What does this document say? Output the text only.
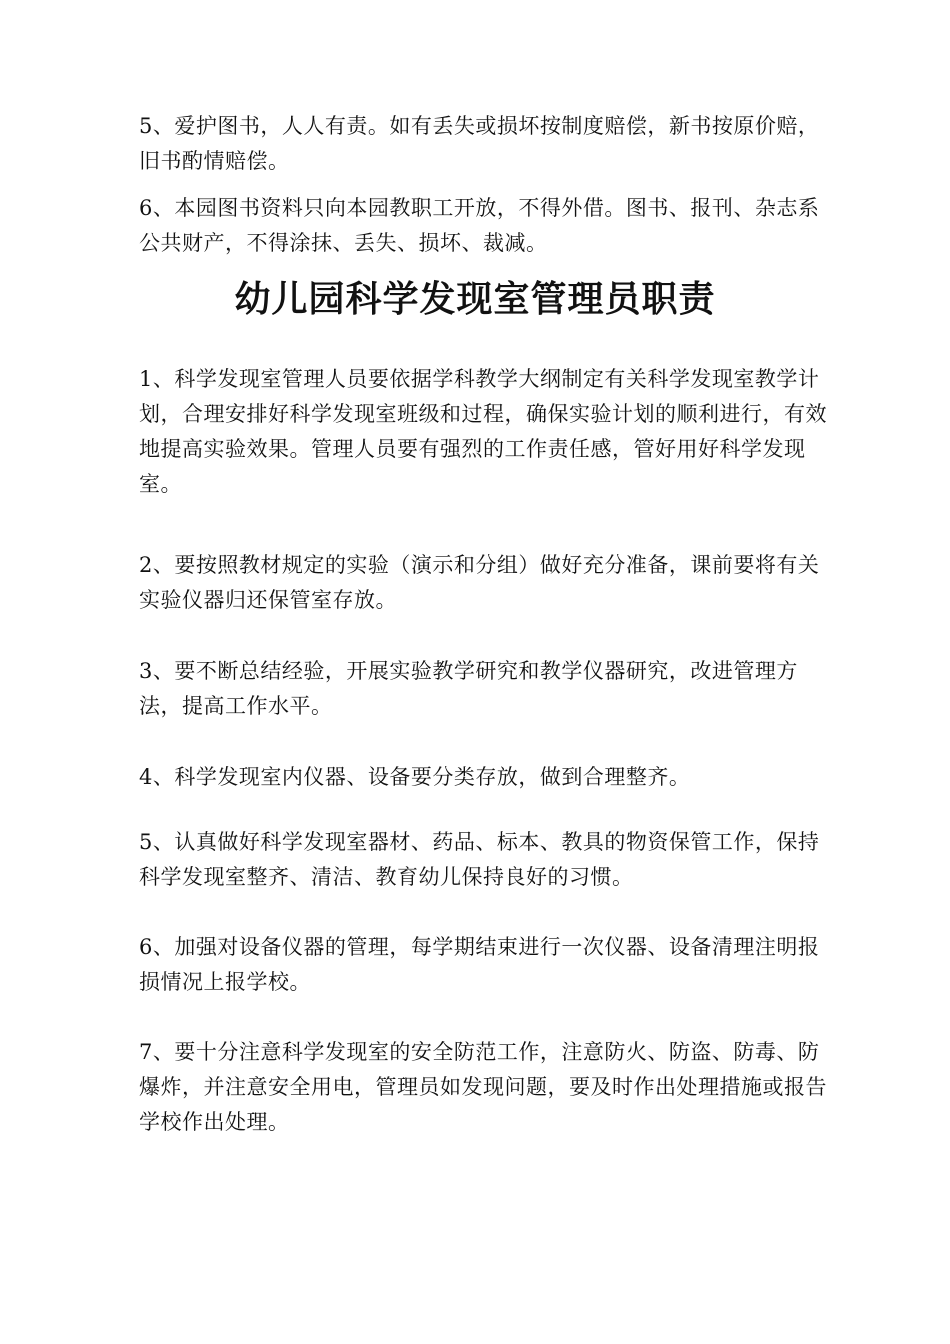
5、爱护图书，人人有责。如有丢失或损坏按制度赔偿，新书按原价赔，旧书酌情赔偿。

6、本园图书资料只向本园教职工开放，不得外借。图书、报刊、杂志系公共财产，不得涂抹、丢失、损坏、裁减。

幼儿园科学发现室管理员职责

1、科学发现室管理人员要依据学科教学大纲制定有关科学发现室教学计划，合理安排好科学发现室班级和过程，确保实验计划的顺利进行，有效地提高实验效果。管理人员要有强烈的工作责任感，管好用好科学发现室。

2、要按照教材规定的实验（演示和分组）做好充分准备，课前要将有关实验仪器归还保管室存放。

3、要不断总结经验，开展实验教学研究和教学仪器研究，改进管理方法，提高工作水平。

4、科学发现室内仪器、设备要分类存放，做到合理整齐。

5、认真做好科学发现室器材、药品、标本、教具的物资保管工作，保持科学发现室整齐、清洁、教育幼儿保持良好的习惯。

6、加强对设备仪器的管理，每学期结束进行一次仪器、设备清理注明报损情况上报学校。

7、要十分注意科学发现室的安全防范工作，注意防火、防盗、防毒、防爆炸，并注意安全用电，管理员如发现问题，要及时作出处理措施或报告学校作出处理。
